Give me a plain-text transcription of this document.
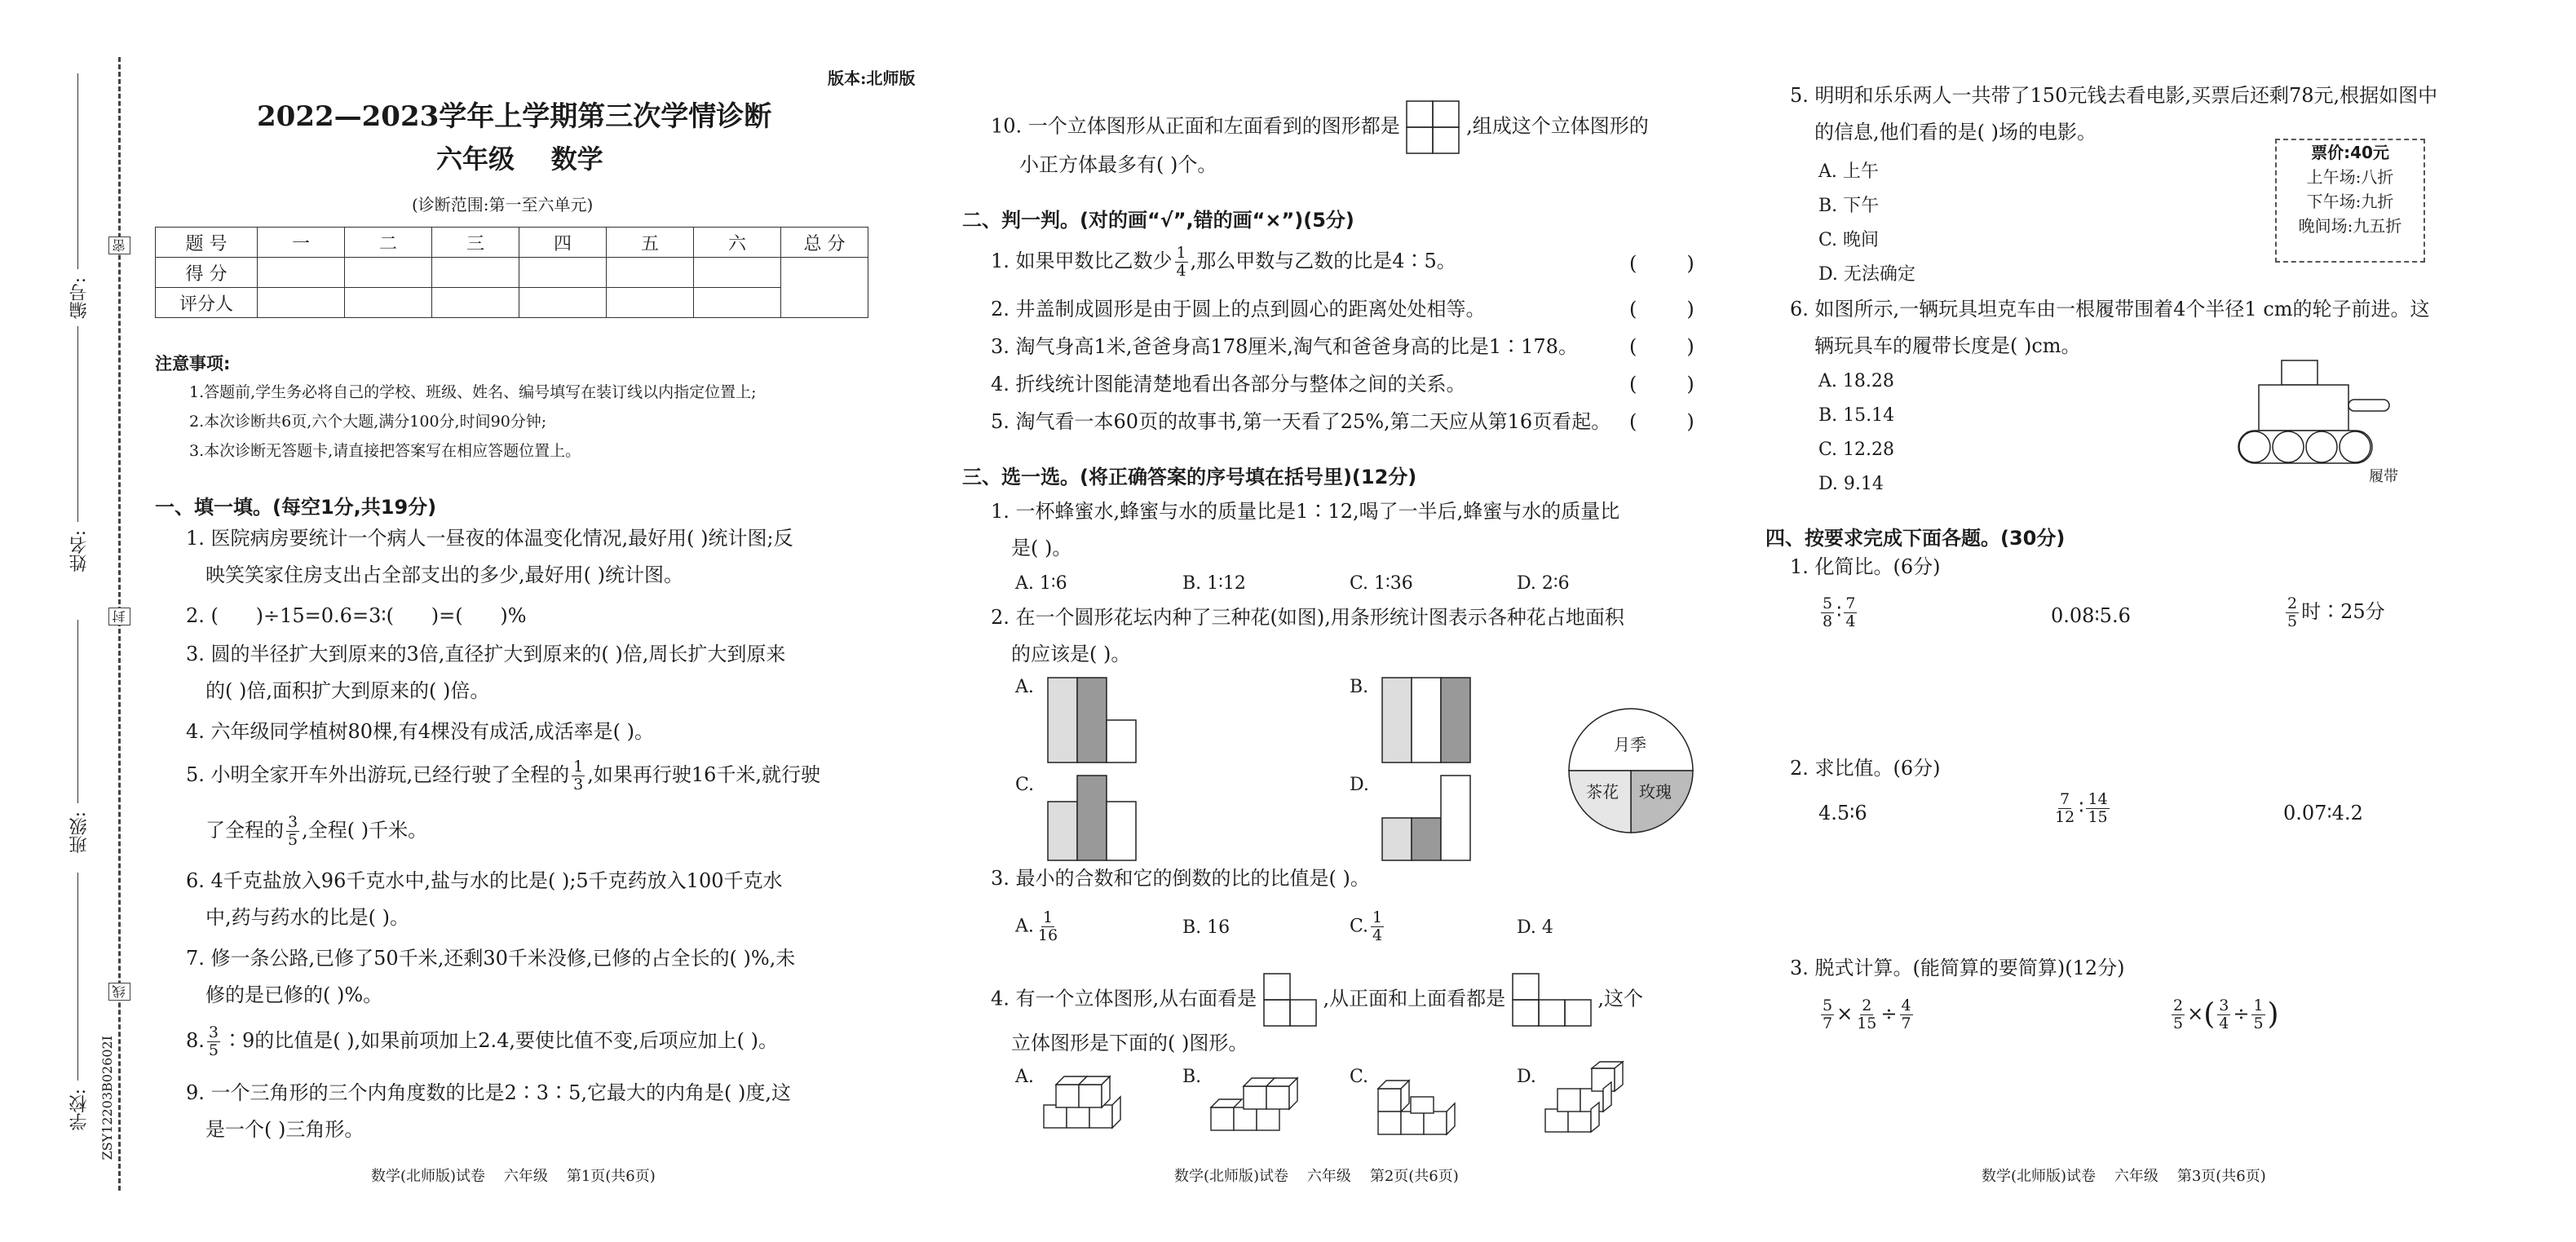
密
封
线
编号:
姓名:
班级:
学校: ZSY12203B02602I
版本:北师版
2022—2023学年上学期第三次学情诊断
六年级    数学
(诊断范围:第一至六单元)
题 号	一	二	三	四	五	六	总 分
得 分							
评分人							
注意事项:
1.答题前,学生务必将自己的学校、班级、姓名、编号填写在装订线以内指定位置上;
2.本次诊断共6页,六个大题,满分100分,时间90分钟;
3.本次诊断无答题卡,请直接把答案写在相应答题位置上。
一、填一填。(每空1分,共19分)
1. 医院病房要统计一个病人一昼夜的体温变化情况,最好用( )统计图;反
映笑笑家住房支出占全部支出的多少,最好用( )统计图。
2. (      )÷15=0.6=3∶(      )=(      )%
3. 圆的半径扩大到原来的3倍,直径扩大到原来的( )倍,周长扩大到原来
的( )倍,面积扩大到原来的( )倍。
4. 六年级同学植树80棵,有4棵没有成活,成活率是( )。
5. 小明全家开车外出游玩,已经行驶了全程的 $\frac{1}{3}$ ,如果再行驶16千米,就行驶
了全程的 $\frac{3}{5}$ ,全程( )千米。
6. 4千克盐放入96千克水中,盐与水的比是( );5千克药放入100千克水
中,药与药水的比是( )。
7. 修一条公路,已修了50千米,还剩30千米没修,已修的占全长的( )%,未
修的是已修的( )%。
8. $\frac{3}{5}$ ∶9的比值是( ),如果前项加上2.4,要使比值不变,后项应加上( )。
9. 一个三角形的三个内角度数的比是2∶3∶5,它最大的内角是( )度,这
是一个( )三角形。
数学(北师版)试卷    六年级    第1页(共6页)
10. 一个立体图形从正面和左面看到的图形都是	,组成这个立体图形的
小正方体最多有( )个。
二、判一判。(对的画“√”,错的画“×”)(5分)
1. 如果甲数比乙数少 $\frac{1}{4}$ ,那么甲数与乙数的比是4∶5。
2. 井盖制成圆形是由于圆上的点到圆心的距离处处相等。
3. 淘气身高1米,爸爸身高178厘米,淘气和爸爸身高的比是1∶178。
4. 折线统计图能清楚地看出各部分与整体之间的关系。
5. 淘气看一本60页的故事书,第一天看了25%,第二天应从第16页看起。
(        )
(        )
(        )
(        )
(        )
三、选一选。(将正确答案的序号填在括号里)(12分)
1. 一杯蜂蜜水,蜂蜜与水的质量比是1∶12,喝了一半后,蜂蜜与水的质量比
是( )。
A. 1∶6	B. 1∶12	C. 1∶36	D. 2∶6
2. 在一个圆形花坛内种了三种花(如图),用条形统计图表示各种花占地面积
的应该是( )。
A.	B.
C.	D.
月季
茶花 玫瑰
3. 最小的合数和它的倒数的比的比值是( )。
A. $\frac{1}{16}$	B. 16	C. $\frac{1}{4}$	D. 4
4. 有一个立体图形,从右面看是	,从正面和上面看都是	,这个
立体图形是下面的( )图形。
A.	B.	C.	D.
数学(北师版)试卷    六年级    第2页(共6页)
5. 明明和乐乐两人一共带了150元钱去看电影,买票后还剩78元,根据如图中
的信息,他们看的是( )场的电影。
A. 上午
B. 下午
C. 晚间
D. 无法确定
票价:40元
上午场:八折
下午场:九折
晚间场:九五折
6. 如图所示,一辆玩具坦克车由一根履带围着4个半径1 cm的轮子前进。这
辆玩具车的履带长度是( )cm。
A. 18.28
B. 15.14
C. 12.28
D. 9.14	履带
四、按要求完成下面各题。(30分)
1. 化简比。(6分)
$\frac{5}{8}$ ∶ $\frac{7}{4}$	0.08∶5.6	$\frac{2}{5}$ 时∶25分
2. 求比值。(6分)
4.5∶6	$\frac{7}{12}$ ∶ $\frac{14}{15}$	0.07∶4.2
3. 脱式计算。(能简算的要简算)(12分)
$\frac{5}{7} \times \frac{2}{15} \div \frac{4}{7}$	$\frac{2}{5}$ ×( $\frac{3}{4} \div \frac{1}{5}$ )
数学(北师版)试卷    六年级    第3页(共6页)
